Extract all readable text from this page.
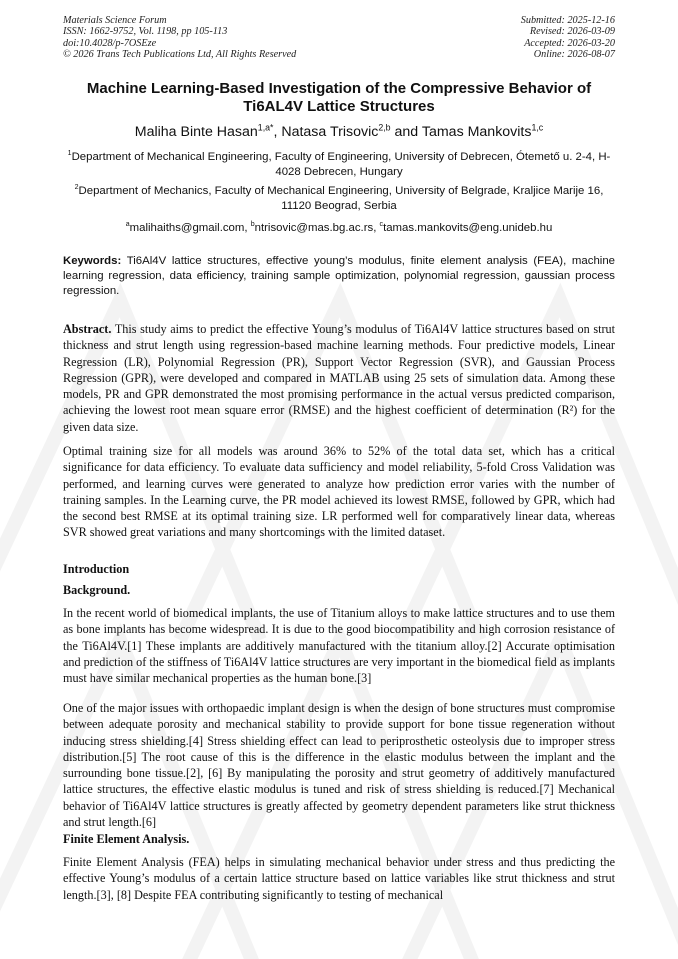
Materials Science Forum
ISSN: 1662-9752, Vol. 1198, pp 105-113
doi:10.4028/p-7OSEze
© 2026 Trans Tech Publications Ltd, All Rights Reserved
Submitted: 2025-12-16
Revised: 2026-03-09
Accepted: 2026-03-20
Online: 2026-08-07
Machine Learning-Based Investigation of the Compressive Behavior of Ti6AL4V Lattice Structures
Maliha Binte Hasan$^{1,a*}$, Natasa Trisovic$^{2,b}$ and Tamas Mankovits$^{1,c}$
$^1$Department of Mechanical Engineering, Faculty of Engineering, University of Debrecen, Ótemető u. 2-4, H-4028 Debrecen, Hungary
$^2$Department of Mechanics, Faculty of Mechanical Engineering, University of Belgrade, Kraljice Marije 16, 11120 Beograd, Serbia
$^a$malihaiths@gmail.com, $^b$ntrisovic@mas.bg.ac.rs, $^c$tamas.mankovits@eng.unideb.hu
Keywords: Ti6Al4V lattice structures, effective young’s modulus, finite element analysis (FEA), machine learning regression, data efficiency, training sample optimization, polynomial regression, gaussian process regression.

Abstract. This study aims to predict the effective Young’s modulus of Ti6Al4V lattice structures based on strut thickness and strut length using regression-based machine learning methods. Four predictive models, Linear Regression (LR), Polynomial Regression (PR), Support Vector Regression (SVR), and Gaussian Process Regression (GPR), were developed and compared in MATLAB using 25 sets of simulation data. Among these models, PR and GPR demonstrated the most promising performance in the actual versus predicted comparison, achieving the lowest root mean square error (RMSE) and the highest coefficient of determination (R²) for the given data size.

Optimal training size for all models was around 36% to 52% of the total data set, which has a critical significance for data efficiency. To evaluate data sufficiency and model reliability, 5-fold Cross Validation was performed, and learning curves were generated to analyze how prediction error varies with the number of training samples. In the Learning curve, the PR model achieved its lowest RMSE, followed by GPR, which had the second best RMSE at its optimal training size. LR performed well for comparatively linear data, whereas SVR showed great variations and many shortcomings with the limited dataset.

Introduction
Background.

In the recent world of biomedical implants, the use of Titanium alloys to make lattice structures and to use them as bone implants has become widespread. It is due to the good biocompatibility and high corrosion resistance of the Ti6Al4V.[1] These implants are additively manufactured with the titanium alloy.[2] Accurate optimisation and prediction of the stiffness of Ti6Al4V lattice structures are very important in the biomedical field as implants must have similar mechanical properties as the human bone.[3]

One of the major issues with orthopaedic implant design is when the design of bone structures must compromise between adequate porosity and mechanical stability to provide support for bone tissue regeneration without inducing stress shielding.[4] Stress shielding effect can lead to periprosthetic osteolysis due to improper stress distribution.[5] The root cause of this is the difference in the elastic modulus between the implant and the surrounding bone tissue.[2], [6] By manipulating the porosity and strut geometry of additively manufactured lattice structures, the effective elastic modulus is tuned and risk of stress shielding is reduced.[7] Mechanical behavior of Ti6Al4V lattice structures is greatly affected by geometry dependent parameters like strut thickness and strut length.[6]

Finite Element Analysis.

Finite Element Analysis (FEA) helps in simulating mechanical behavior under stress and thus predicting the effective Young’s modulus of a certain lattice structure based on lattice variables like strut thickness and strut length.[3], [8] Despite FEA contributing significantly to testing of mechanical
